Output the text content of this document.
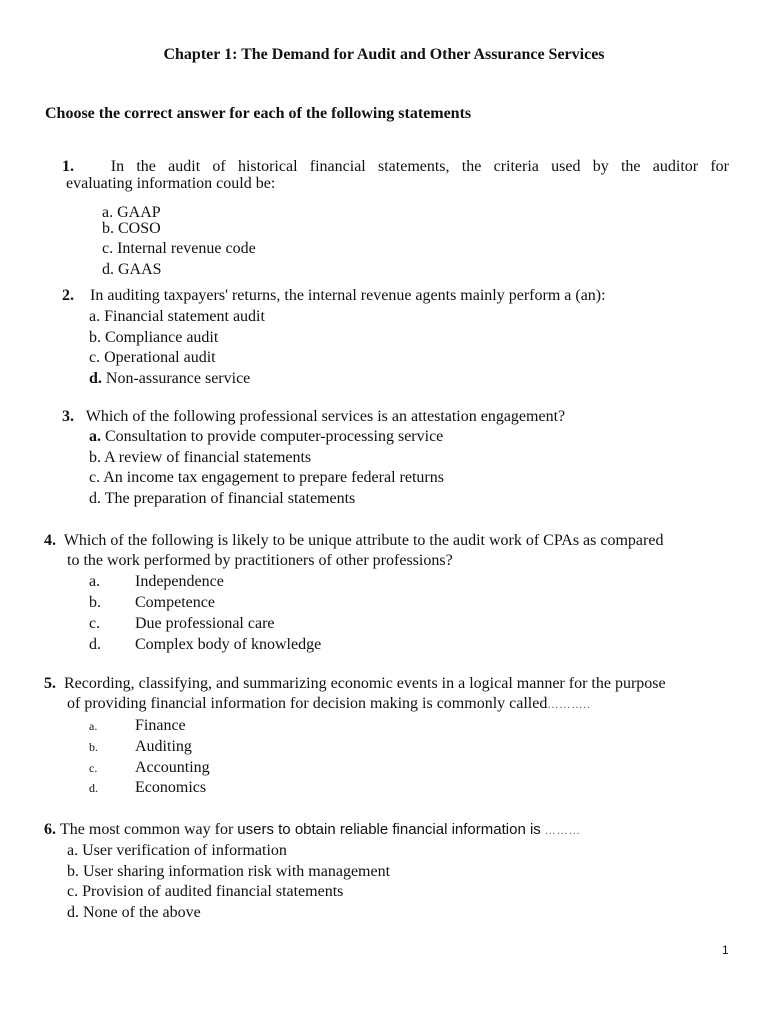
Chapter 1: The Demand for Audit and Other Assurance Services
Choose the correct answer for each of the following statements
1. In the audit of historical financial statements, the criteria used by the auditor for
evaluating information could be:
a. GAAP
b. COSO
c. Internal revenue code
d. GAAS
2. In auditing taxpayers' returns, the internal revenue agents mainly perform a (an):
a. Financial statement audit
b. Compliance audit
c. Operational audit
d. Non-assurance service
3. Which of the following professional services is an attestation engagement?
a. Consultation to provide computer-processing service
b. A review of financial statements
c. An income tax engagement to prepare federal returns
d. The preparation of financial statements
4. Which of the following is likely to be unique attribute to the audit work of CPAs as compared
to the work performed by practitioners of other professions?
a. Independence
b. Competence
c. Due professional care
d. Complex body of knowledge
5. Recording, classifying, and summarizing economic events in a logical manner for the purpose
of providing financial information for decision making is commonly called………..
a. Finance
b. Auditing
c. Accounting
d. Economics
6. The most common way for users to obtain reliable financial information is ………
a. User verification of information
b. User sharing information risk with management
c. Provision of audited financial statements
d. None of the above
1
